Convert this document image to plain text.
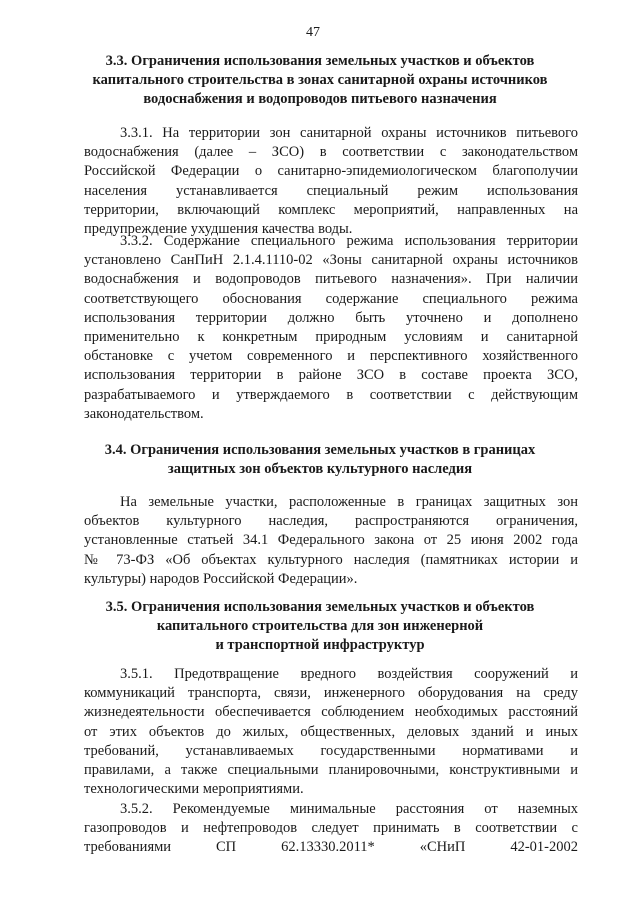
47
3.3. Ограничения использования земельных участков и объектов
капитального строительства в зонах санитарной охраны источников
водоснабжения и водопроводов питьевого назначения
3.3.1. На территории зон санитарной охраны источников питьевого
водоснабжения (далее – ЗСО) в соответствии с законодательством
Российской Федерации о санитарно-эпидемиологическом благополучии
населения устанавливается специальный режим использования
территории, включающий комплекс мероприятий, направленных на
предупреждение ухудшения качества воды.
3.3.2. Содержание специального режима использования территории
установлено СанПиН 2.1.4.1110-02 «Зоны санитарной охраны источников
водоснабжения и водопроводов питьевого назначения». При наличии
соответствующего обоснования содержание специального режима
использования территории должно быть уточнено и дополнено
применительно к конкретным природным условиям и санитарной
обстановке с учетом современного и перспективного хозяйственного
использования территории в районе ЗСО в составе проекта ЗСО,
разрабатываемого и утверждаемого в соответствии с действующим
законодательством.
3.4. Ограничения использования земельных участков в границах
защитных зон объектов культурного наследия
На земельные участки, расположенные в границах защитных зон
объектов культурного наследия, распространяются ограничения,
установленные статьей 34.1 Федерального закона от 25 июня 2002 года
№ 73-ФЗ «Об объектах культурного наследия (памятниках истории и
культуры) народов Российской Федерации».
3.5. Ограничения использования земельных участков и объектов
капитального строительства для зон инженерной
и транспортной инфраструктур
3.5.1. Предотвращение вредного воздействия сооружений и
коммуникаций транспорта, связи, инженерного оборудования на среду
жизнедеятельности обеспечивается соблюдением необходимых расстояний
от этих объектов до жилых, общественных, деловых зданий и иных
требований, устанавливаемых государственными нормативами и
правилами, а также специальными планировочными, конструктивными и
технологическими мероприятиями.
3.5.2. Рекомендуемые минимальные расстояния от наземных
газопроводов и нефтепроводов следует принимать в соответствии с
требованиями СП 62.13330.2011* «СНиП 42-01-2002
